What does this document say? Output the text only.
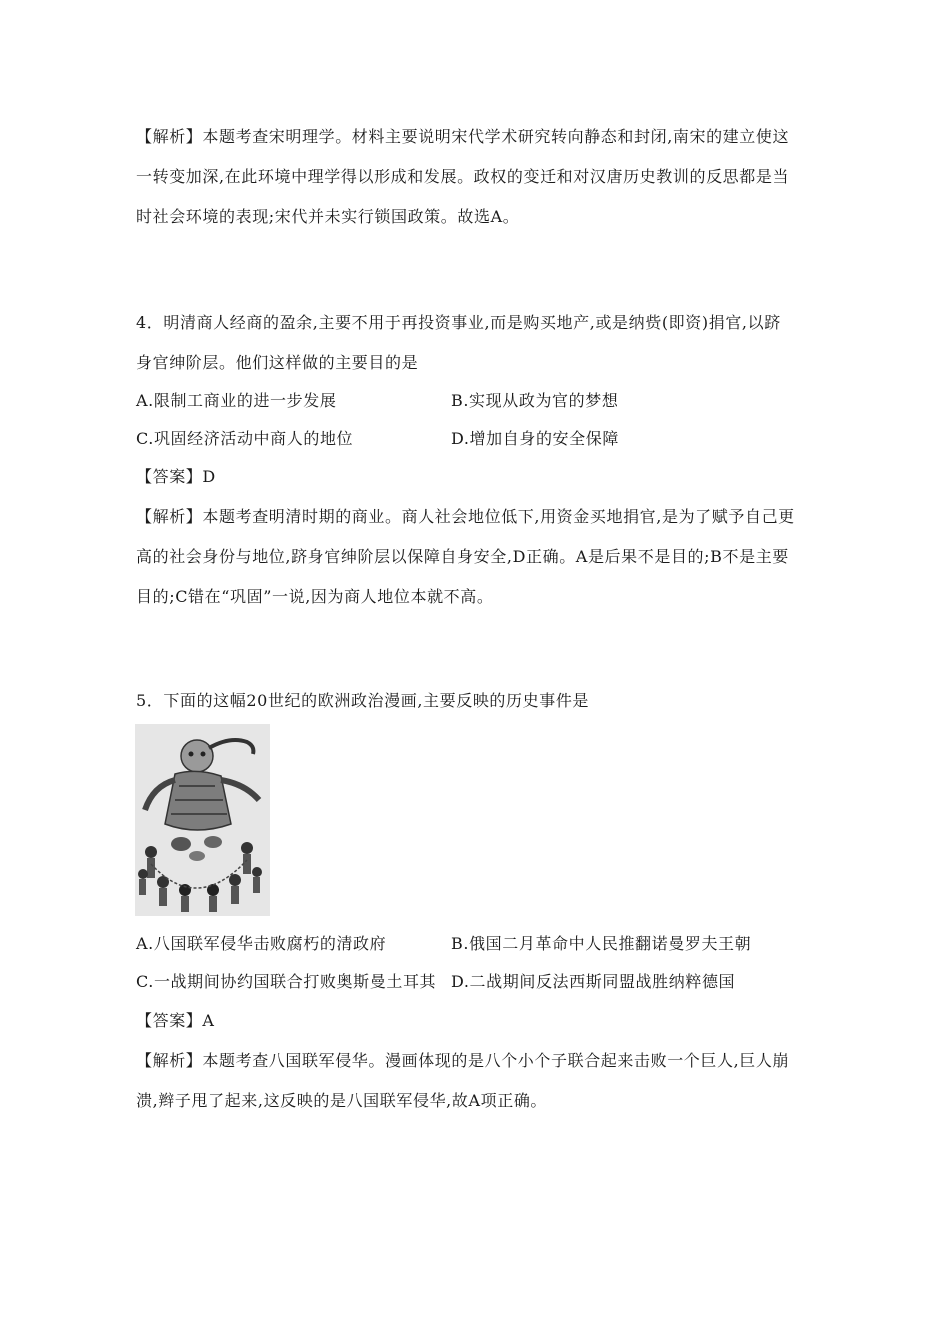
【解析】本题考查宋明理学。材料主要说明宋代学术研究转向静态和封闭,南宋的建立使这
一转变加深,在此环境中理学得以形成和发展。政权的变迁和对汉唐历史教训的反思都是当
时社会环境的表现;宋代并未实行锁国政策。故选A。
4．明清商人经商的盈余,主要不用于再投资事业,而是购买地产,或是纳赀(即资)捐官,以跻
身官绅阶层。他们这样做的主要目的是
A.限制工商业的进一步发展	B.实现从政为官的梦想
C.巩固经济活动中商人的地位	D.增加自身的安全保障
【答案】D
【解析】本题考查明清时期的商业。商人社会地位低下,用资金买地捐官,是为了赋予自己更
高的社会身份与地位,跻身官绅阶层以保障自身安全,D正确。A是后果不是目的;B不是主要
目的;C错在“巩固”一说,因为商人地位本就不高。
5．下面的这幅20世纪的欧洲政治漫画,主要反映的历史事件是
A.八国联军侵华击败腐朽的清政府	B.俄国二月革命中人民推翻诺曼罗夫王朝
C.一战期间协约国联合打败奥斯曼土耳其 D.二战期间反法西斯同盟战胜纳粹德国
【答案】A
【解析】本题考查八国联军侵华。漫画体现的是八个小个子联合起来击败一个巨人,巨人崩
溃,辫子甩了起来,这反映的是八国联军侵华,故A项正确。
